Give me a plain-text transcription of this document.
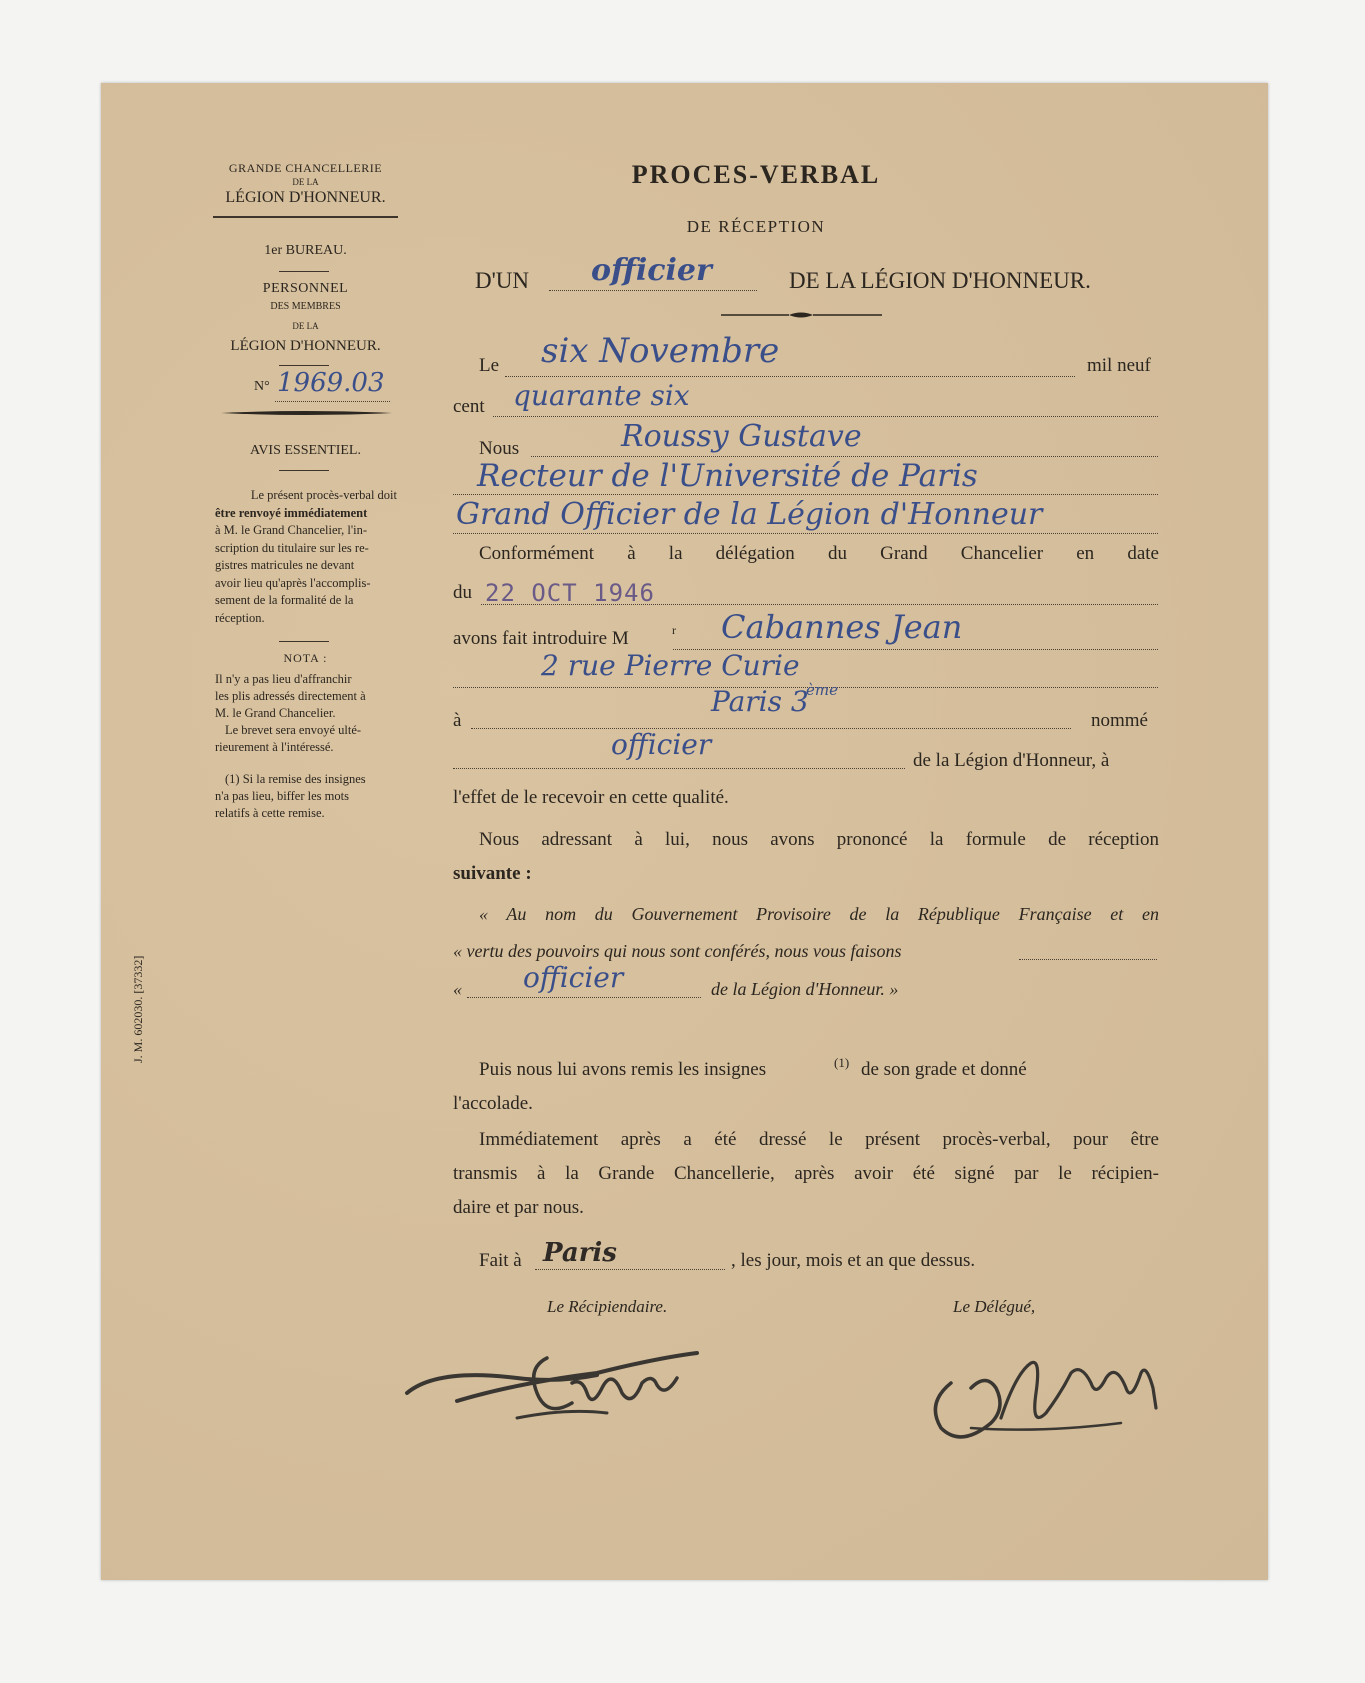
GRANDE CHANCELLERIE
DE LA
LÉGION D'HONNEUR.
1er BUREAU.
PERSONNEL
DES MEMBRES
DE LA
LÉGION D'HONNEUR.
N° 1969.03
AVIS ESSENTIEL.
Le présent procès-verbal doit
être renvoyé immédiatement
à M. le Grand Chancelier, l'in-
scription du titulaire sur les re-
gistres matricules ne devant
avoir lieu qu'après l'accomplis-
sement de la formalité de la
réception.
NOTA :
Il n'y a pas lieu d'affranchir
les plis adressés directement à
M. le Grand Chancelier.
Le brevet sera envoyé ulté-
rieurement à l'intéressé.
(1) Si la remise des insignes
n'a pas lieu, biffer les mots
relatifs à cette remise.
J. M. 602030. [37332]
PROCES-VERBAL
DE RÉCEPTION
D'UN officier	DE LA LÉGION D'HONNEUR.
Le six Novembre	mil neuf
cent quarante six
Nous	Roussy Gustave
Recteur de l'Université de Paris
Grand Officier de la Légion d'Honneur
Conformément à la délégation du Grand Chancelier en date
du 22 OCT 1946
avons fait introduire M	r Cabannes Jean
2 rue Pierre Curie
à
Paris 3
ème
nommé
officier	de la Légion d'Honneur, à
l'effet de le recevoir en cette qualité.
Nous adressant à lui, nous avons prononcé la formule de réception
suivante :
« Au nom du Gouvernement Provisoire de la République Française et en
« vertu des pouvoirs qui nous sont conférés, nous vous faisons
« officier	de la Légion d'Honneur. »
Puis nous lui avons remis les insignes	(1) de son grade et donné
l'accolade.
Immédiatement après a été dressé le présent procès-verbal, pour être
transmis à la Grande Chancellerie, après avoir été signé par le récipien-
daire et par nous.
Fait à Paris	, les jour, mois et an que dessus.
Le Récipiendaire.	Le Délégué,
